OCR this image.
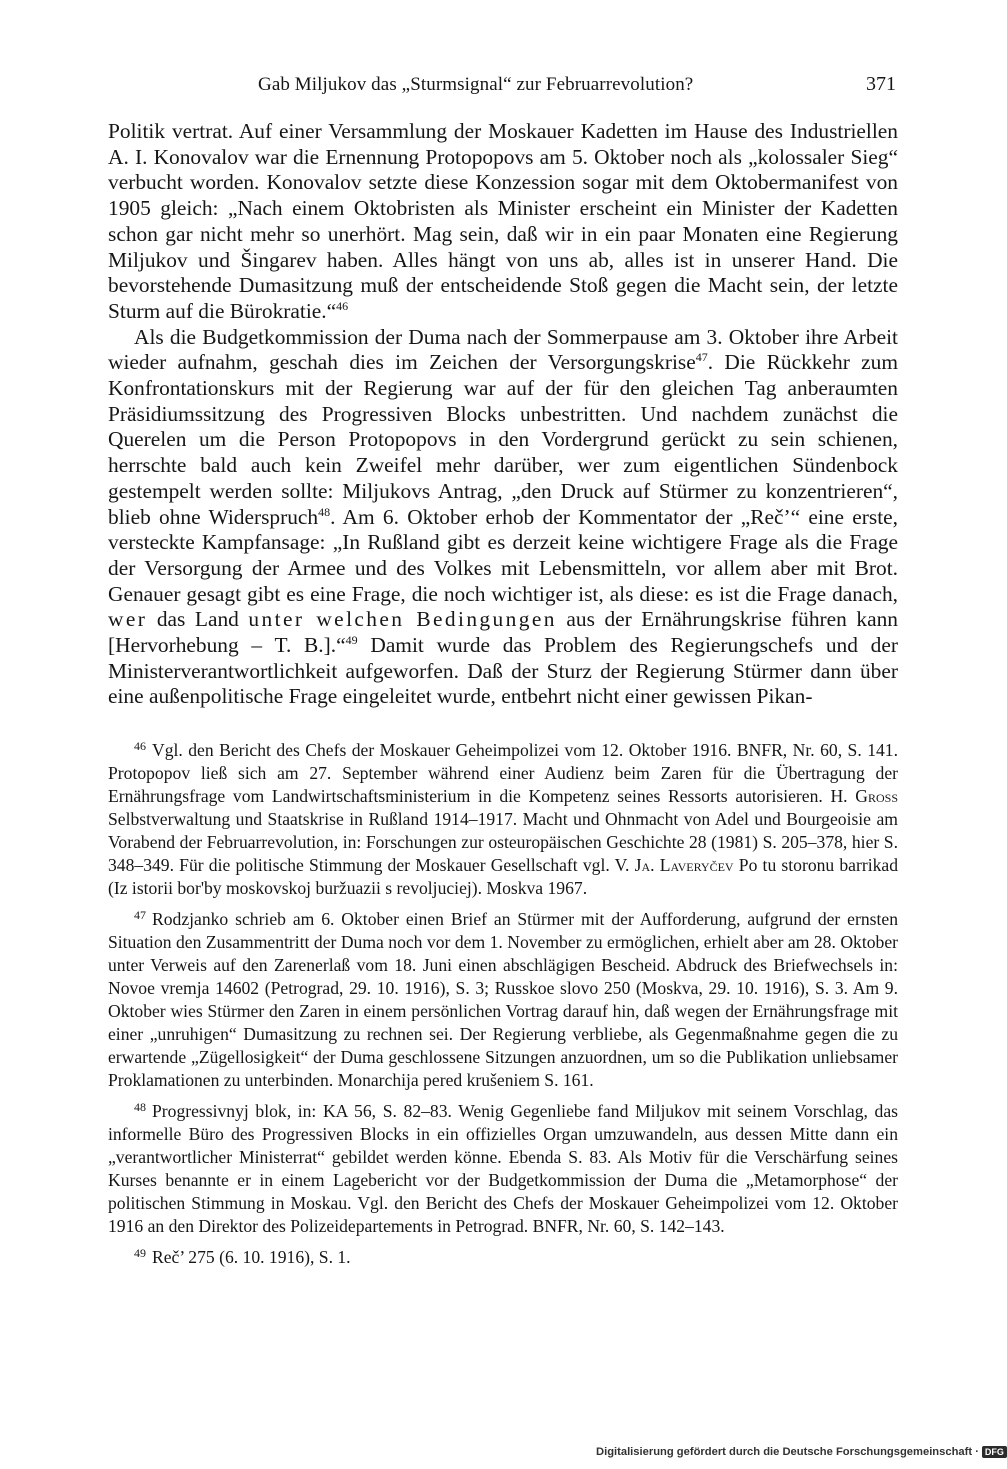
Gab Miljukov das „Sturmsignal“ zur Februarrevolution?	371

Politik vertrat. Auf einer Versammlung der Moskauer Kadetten im Hause des Industriellen A. I. Konovalov war die Ernennung Protopopovs am 5. Oktober noch als „kolossaler Sieg“ verbucht worden. Konovalov setzte diese Konzession sogar mit dem Oktobermanifest von 1905 gleich: „Nach einem Oktobristen als Minister erscheint ein Minister der Kadetten schon gar nicht mehr so unerhört. Mag sein, daß wir in ein paar Monaten eine Regierung Miljukov und Šingarev haben. Alles hängt von uns ab, alles ist in unserer Hand. Die bevorstehende Dumasitzung muß der entscheidende Stoß gegen die Macht sein, der letzte Sturm auf die Bürokratie.“$^{46}$

Als die Budgetkommission der Duma nach der Sommerpause am 3. Oktober ihre Arbeit wieder aufnahm, geschah dies im Zeichen der Versorgungskrise$^{47}$. Die Rückkehr zum Konfrontationskurs mit der Regierung war auf der für den gleichen Tag anberaumten Präsidiumssitzung des Progressiven Blocks unbestritten. Und nachdem zunächst die Querelen um die Person Protopopovs in den Vordergrund gerückt zu sein schienen, herrschte bald auch kein Zweifel mehr darüber, wer zum eigentlichen Sündenbock gestempelt werden sollte: Miljukovs Antrag, „den Druck auf Stürmer zu konzentrieren“, blieb ohne Widerspruch$^{48}$. Am 6. Oktober erhob der Kommentator der „Reč’“ eine erste, versteckte Kampfansage: „In Rußland gibt es derzeit keine wichtigere Frage als die Frage der Versorgung der Armee und des Volkes mit Lebensmitteln, vor allem aber mit Brot. Genauer gesagt gibt es eine Frage, die noch wichtiger ist, als diese: es ist die Frage danach, wer das Land unter welchen Bedingungen aus der Ernährungskrise führen kann [Hervorhebung – T. B.].“$^{49}$ Damit wurde das Problem des Regierungschefs und der Ministerverantwortlichkeit aufgeworfen. Daß der Sturz der Regierung Stürmer dann über eine außenpolitische Frage eingeleitet wurde, entbehrt nicht einer gewissen Pikan-

$^{46}$ Vgl. den Bericht des Chefs der Moskauer Geheimpolizei vom 12. Oktober 1916. BNFR, Nr. 60, S. 141. Protopopov ließ sich am 27. September während einer Audienz beim Zaren für die Übertragung der Ernährungsfrage vom Landwirtschaftsministerium in die Kompetenz seines Ressorts autorisieren. H. Gross Selbstverwaltung und Staatskrise in Rußland 1914–1917. Macht und Ohnmacht von Adel und Bourgeoisie am Vorabend der Februarrevolution, in: Forschungen zur osteuropäischen Geschichte 28 (1981) S. 205–378, hier S. 348–349. Für die politische Stimmung der Moskauer Gesellschaft vgl. V. Ja. Laveryčev Po tu storonu barrikad (Iz istorii bor'by moskovskoj buržuazii s revoljuciej). Moskva 1967.

$^{47}$ Rodzjanko schrieb am 6. Oktober einen Brief an Stürmer mit der Aufforderung, aufgrund der ernsten Situation den Zusammentritt der Duma noch vor dem 1. November zu ermöglichen, erhielt aber am 28. Oktober unter Verweis auf den Zarenerlaß vom 18. Juni einen abschlägigen Bescheid. Abdruck des Briefwechsels in: Novoe vremja 14602 (Petrograd, 29. 10. 1916), S. 3; Russkoe slovo 250 (Moskva, 29. 10. 1916), S. 3. Am 9. Oktober wies Stürmer den Zaren in einem persönlichen Vortrag darauf hin, daß wegen der Ernährungsfrage mit einer „unruhigen“ Dumasitzung zu rechnen sei. Der Regierung verbliebe, als Gegenmaßnahme gegen die zu erwartende „Zügellosigkeit“ der Duma geschlossene Sitzungen anzuordnen, um so die Publikation unliebsamer Proklamationen zu unterbinden. Monarchija pered krušeniem S. 161.

$^{48}$ Progressivnyj blok, in: KA 56, S. 82–83. Wenig Gegenliebe fand Miljukov mit seinem Vorschlag, das informelle Büro des Progressiven Blocks in ein offizielles Organ umzuwandeln, aus dessen Mitte dann ein „verantwortlicher Ministerrat“ gebildet werden könne. Ebenda S. 83. Als Motiv für die Verschärfung seines Kurses benannte er in einem Lagebericht vor der Budgetkommission der Duma die „Metamorphose“ der politischen Stimmung in Moskau. Vgl. den Bericht des Chefs der Moskauer Geheimpolizei vom 12. Oktober 1916 an den Direktor des Polizeidepartements in Petrograd. BNFR, Nr. 60, S. 142–143.

$^{49}$ Reč’ 275 (6. 10. 1916), S. 1.

Digitalisierung gefördert durch die Deutsche Forschungsgemeinschaft · DFG
